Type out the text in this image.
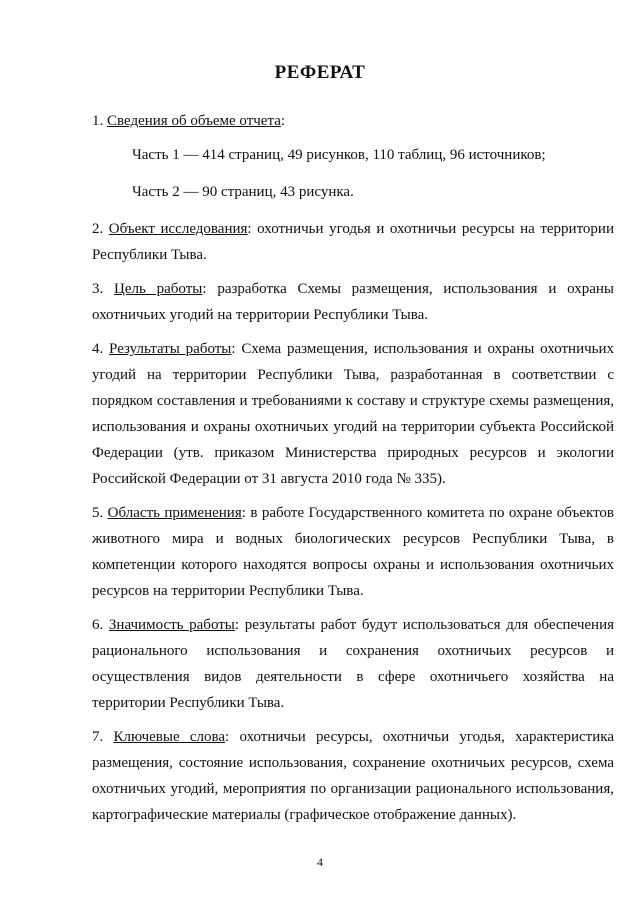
РЕФЕРАТ

1. Сведения об объеме отчета:

Часть 1 — 414 страниц, 49 рисунков, 110 таблиц, 96 источников;

Часть 2 — 90 страниц, 43 рисунка.

2. Объект исследования: охотничьи угодья и охотничьи ресурсы на территории Республики Тыва.

3. Цель работы: разработка Схемы размещения, использования и охраны охотничьих угодий на территории Республики Тыва.

4. Результаты работы: Схема размещения, использования и охраны охотничьих угодий на территории Республики Тыва, разработанная в соответствии с порядком составления и требованиями к составу и структуре схемы размещения, использования и охраны охотничьих угодий на территории субъекта Российской Федерации (утв. приказом Министерства природных ресурсов и экологии Российской Федерации от 31 августа 2010 года № 335).

5. Область применения: в работе Государственного комитета по охране объектов животного мира и водных биологических ресурсов Республики Тыва, в компетенции которого находятся вопросы охраны и использования охотничьих ресурсов на территории Республики Тыва.

6. Значимость работы: результаты работ будут использоваться для обеспечения рационального использования и сохранения охотничьих ресурсов и осуществления видов деятельности в сфере охотничьего хозяйства на территории Республики Тыва.

7. Ключевые слова: охотничьи ресурсы, охотничьи угодья, характеристика размещения, состояние использования, сохранение охотничьих ресурсов, схема охотничьих угодий, мероприятия по организации рационального использования, картографические материалы (графическое отображение данных).

4
